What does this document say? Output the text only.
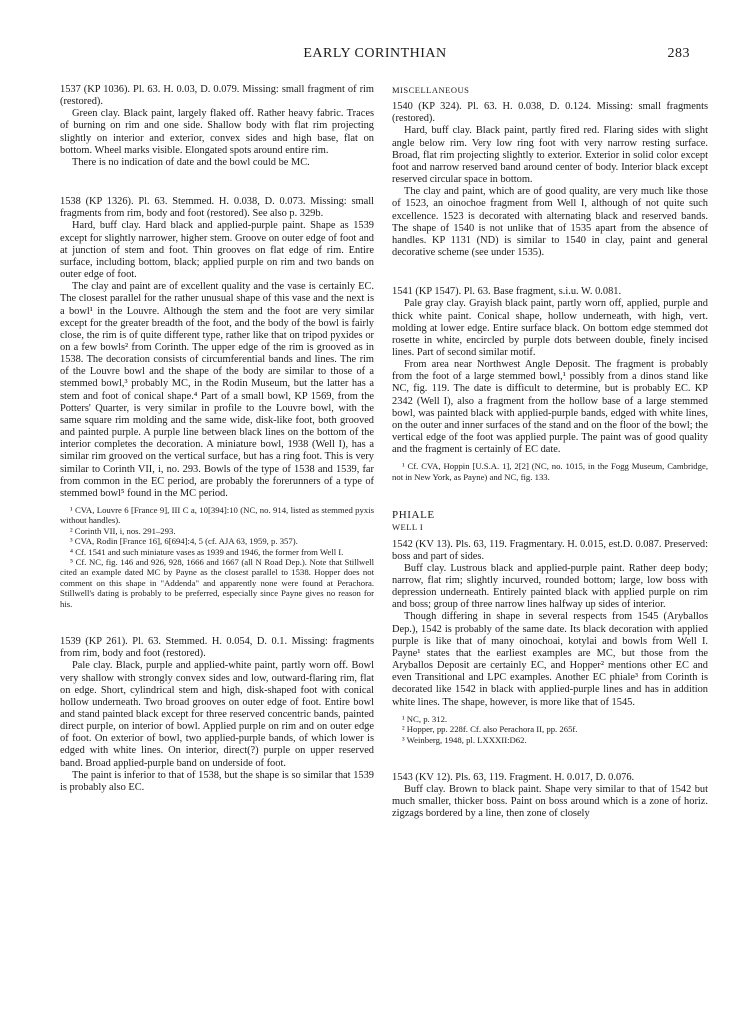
EARLY CORINTHIAN	283

1537 (KP 1036). Pl. 63. H. 0.03, D. 0.079. Missing: small fragment of rim (restored).

Green clay. Black paint, largely flaked off. Rather heavy fabric. Traces of burning on rim and one side. Shallow body with flat rim projecting slightly on interior and exterior, convex sides and high base, flat on bottom. Wheel marks visible. Elongated spots around entire rim.

There is no indication of date and the bowl could be MC.

1538 (KP 1326). Pl. 63. Stemmed. H. 0.038, D. 0.073. Missing: small fragments from rim, body and foot (restored). See also p. 329b.

Hard, buff clay. Hard black and applied-purple paint. Shape as 1539 except for slightly narrower, higher stem. Groove on outer edge of foot and at junction of stem and foot. Thin grooves on flat edge of rim. Entire surface, including bottom, black; applied purple on rim and two bands on outer edge of foot.

The clay and paint are of excellent quality and the vase is certainly EC. The closest parallel for the rather unusual shape of this vase and the next is a bowl¹ in the Louvre. Although the stem and the foot are very similar except for the greater breadth of the foot, and the body of the bowl is fairly close, the rim is of quite different type, rather like that on tripod pyxides or on a few bowls² from Corinth. The upper edge of the rim is grooved as in 1538. The decoration consists of circumferential bands and lines. The rim of the Louvre bowl and the shape of the body are similar to those of a stemmed bowl,³ probably MC, in the Rodin Museum, but the latter has a stem and foot of conical shape.⁴ Part of a small bowl, KP 1569, from the Potters' Quarter, is very similar in profile to the Louvre bowl, with the same square rim molding and the same wide, disk-like foot, both grooved and painted purple. A purple line between black lines on the bottom of the interior completes the decoration. A miniature bowl, 1938 (Well I), has a similar rim grooved on the vertical surface, but has a ring foot. This is very similar to Corinth VII, i, no. 293. Bowls of the type of 1538 and 1539, far from common in the EC period, are probably the forerunners of a type of stemmed bowl⁵ found in the MC period.

¹ CVA, Louvre 6 [France 9], III C a, 10[394]:10 (NC, no. 914, listed as stemmed pyxis without handles).

² Corinth VII, i, nos. 291–293.

³ CVA, Rodin [France 16], 6[694]:4, 5 (cf. AJA 63, 1959, p. 357).

⁴ Cf. 1541 and such miniature vases as 1939 and 1946, the former from Well I.

⁵ Cf. NC, fig. 146 and 926, 928, 1666 and 1667 (all N Road Dep.). Note that Stillwell cited an example dated MC by Payne as the closest parallel to 1538. Hopper does not comment on this shape in "Addenda" and apparently none were found at Perachora. Stillwell's dating is probably to be preferred, especially since Payne gives no reason for his.

1539 (KP 261). Pl. 63. Stemmed. H. 0.054, D. 0.1. Missing: fragments from rim, body and foot (restored).

Pale clay. Black, purple and applied-white paint, partly worn off. Bowl very shallow with strongly convex sides and low, outward-flaring rim, flat on edge. Short, cylindrical stem and high, disk-shaped foot with conical hollow underneath. Two broad grooves on outer edge of foot. Entire bowl and stand painted black except for three reserved concentric bands, painted direct purple, on interior of bowl. Applied purple on rim and on outer edge of foot. On exterior of bowl, two applied-purple bands, of which lower is edged with white lines. On interior, direct(?) purple on upper reserved band. Broad applied-purple band on underside of foot.

The paint is inferior to that of 1538, but the shape is so similar that 1539 is probably also EC.

MISCELLANEOUS

1540 (KP 324). Pl. 63. H. 0.038, D. 0.124. Missing: small fragments (restored).

Hard, buff clay. Black paint, partly fired red. Flaring sides with slight angle below rim. Very low ring foot with very narrow resting surface. Broad, flat rim projecting slightly to exterior. Exterior in solid color except foot and narrow reserved band around center of body. Interior black except reserved circular space in bottom.

The clay and paint, which are of good quality, are very much like those of 1523, an oinochoe fragment from Well I, although of not quite such excellence. 1523 is decorated with alternating black and reserved bands. The shape of 1540 is not unlike that of 1535 apart from the absence of handles. KP 1131 (ND) is similar to 1540 in clay, paint and general decorative scheme (see under 1535).

1541 (KP 1547). Pl. 63. Base fragment, s.i.u. W. 0.081.

Pale gray clay. Grayish black paint, partly worn off, applied, purple and thick white paint. Conical shape, hollow underneath, with high, vert. molding at lower edge. Entire surface black. On bottom edge stemmed dot rosette in white, encircled by purple dots between double, finely incised lines. Part of second similar motif.

From area near Northwest Angle Deposit. The fragment is probably from the foot of a large stemmed bowl,¹ possibly from a dinos stand like NC, fig. 119. The date is difficult to determine, but is probably EC. KP 2342 (Well I), also a fragment from the hollow base of a large stemmed bowl, was painted black with applied-purple bands, edged with white lines, on the outer and inner surfaces of the stand and on the floor of the bowl; the vertical edge of the foot was applied purple. The paint was of good quality and the fragment is certainly of EC date.

¹ Cf. CVA, Hoppin [U.S.A. 1], 2[2] (NC, no. 1015, in the Fogg Museum, Cambridge, not in New York, as Payne) and NC, fig. 133.

PHIALE

WELL I

1542 (KV 13). Pls. 63, 119. Fragmentary. H. 0.015, est.D. 0.087. Preserved: boss and part of sides.

Buff clay. Lustrous black and applied-purple paint. Rather deep body; narrow, flat rim; slightly incurved, rounded bottom; large, low boss with depression underneath. Entirely painted black with applied purple on rim and boss; group of three narrow lines halfway up sides of interior.

Though differing in shape in several respects from 1545 (Aryballos Dep.), 1542 is probably of the same date. Its black decoration with applied purple is like that of many oinochoai, kotylai and bowls from Well I. Payne¹ states that the earliest examples are MC, but those from the Aryballos Deposit are certainly EC, and Hopper² mentions other EC and even Transitional and LPC examples. Another EC phiale³ from Corinth is decorated like 1542 in black with applied-purple lines and has in addition white lines. The shape, however, is more like that of 1545.

¹ NC, p. 312.

² Hopper, pp. 228f. Cf. also Perachora II, pp. 265f.

³ Weinberg, 1948, pl. LXXXII:D62.

1543 (KV 12). Pls. 63, 119. Fragment. H. 0.017, D. 0.076.

Buff clay. Brown to black paint. Shape very similar to that of 1542 but much smaller, thicker boss. Paint on boss around which is a zone of horiz. zigzags bordered by a line, then zone of closely
